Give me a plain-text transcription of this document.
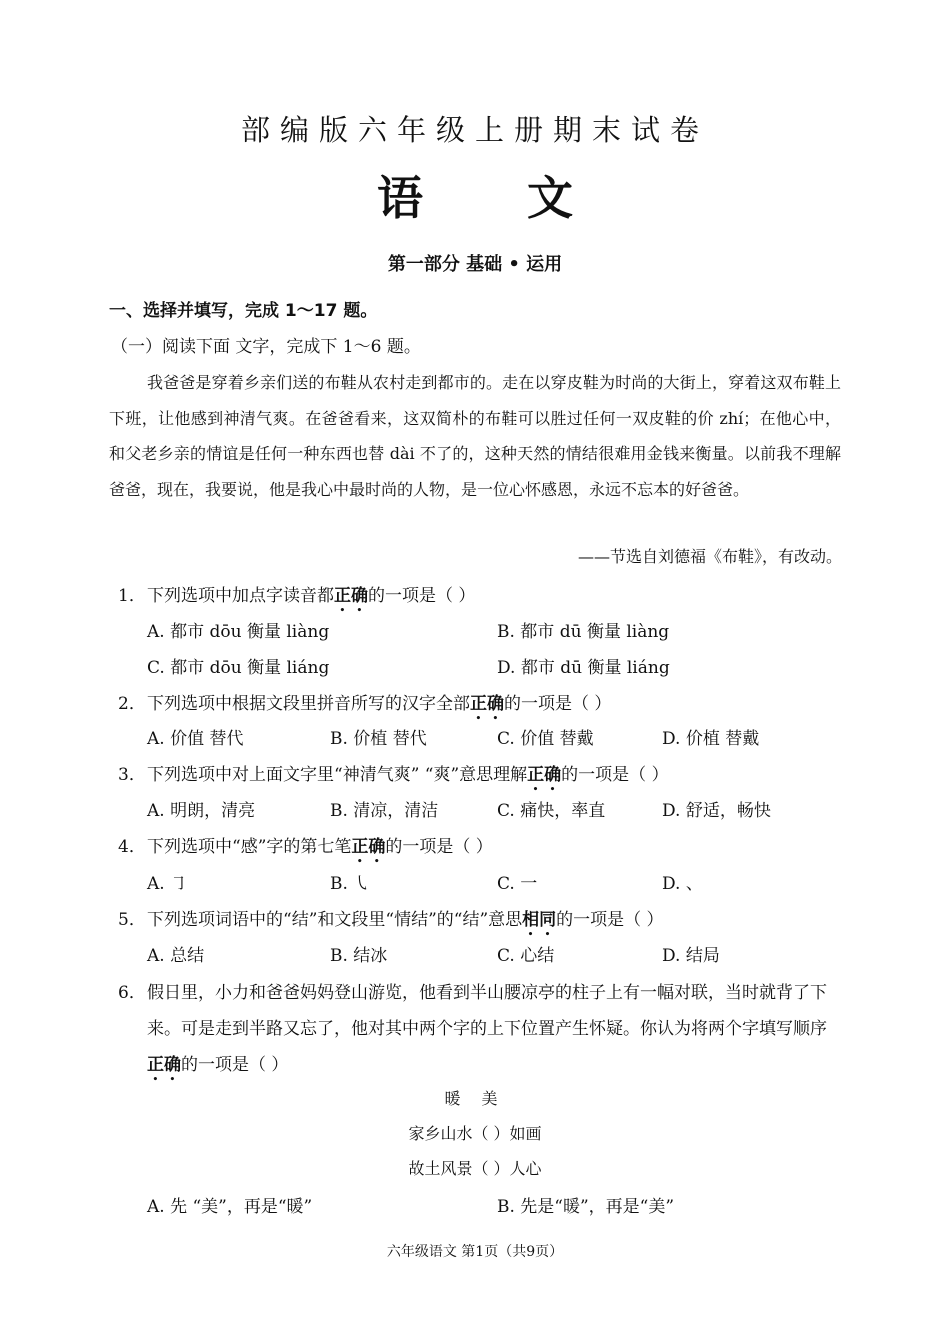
部编版六年级上册期末试卷
语 文
第一部分 基础 • 运用
一、选择并填写，完成 1～17 题。
（一）阅读下面 文字，完成下 1～6 题。

我爸爸是穿着乡亲们送的布鞋从农村走到都市的。走在以穿皮鞋为时尚的大街上，穿着这双布鞋上下班，让他感到神清气爽。在爸爸看来，这双简朴的布鞋可以胜过任何一双皮鞋的价 zhí；在他心中，和父老乡亲的情谊是任何一种东西也替 dài 不了的，这种天然的情结很难用金钱来衡量。以前我不理解爸爸，现在，我要说，他是我心中最时尚的人物，是一位心怀感恩，永远不忘本的好爸爸。

——节选自刘德福《布鞋》，有改动。
1． 下列选项中加点字读音都正确的一项是（ ）
A. 都市 dōu 衡量 liàng	B. 都市 dū 衡量 liàng
C. 都市 dōu 衡量 liáng	D. 都市 dū 衡量 liáng
2． 下列选项中根据文段里拼音所写的汉字全部正确的一项是（ ）
A. 价值 替代	B. 价植 替代	C. 价值 替戴	D. 价植 替戴
3． 下列选项中对上面文字里“神清气爽” “爽”意思理解正确的一项是（ ）
A. 明朗，清亮	B. 清凉，清洁	C. 痛快，率直	D. 舒适，畅快
4． 下列选项中“感”字的第七笔正确的一项是（ ）
A. ㇆	B. ㇂	C. 一	D. 、
5． 下列选项词语中的“结”和文段里“情结”的“结”意思相同的一项是（ ）
A. 总结	B. 结冰	C. 心结	D. 结局
6． 假日里，小力和爸爸妈妈登山游览，他看到半山腰凉亭的柱子上有一幅对联，当时就背了下来。可是走到半路又忘了，他对其中两个字的上下位置产生怀疑。你认为将两个字填写顺序正确的一项是（ ）
暖 美
家乡山水（ ）如画
故土风景（ ）人心
A. 先 “美”，再是“暖”	B. 先是“暖”，再是“美”
六年级语文 第1页（共9页）
